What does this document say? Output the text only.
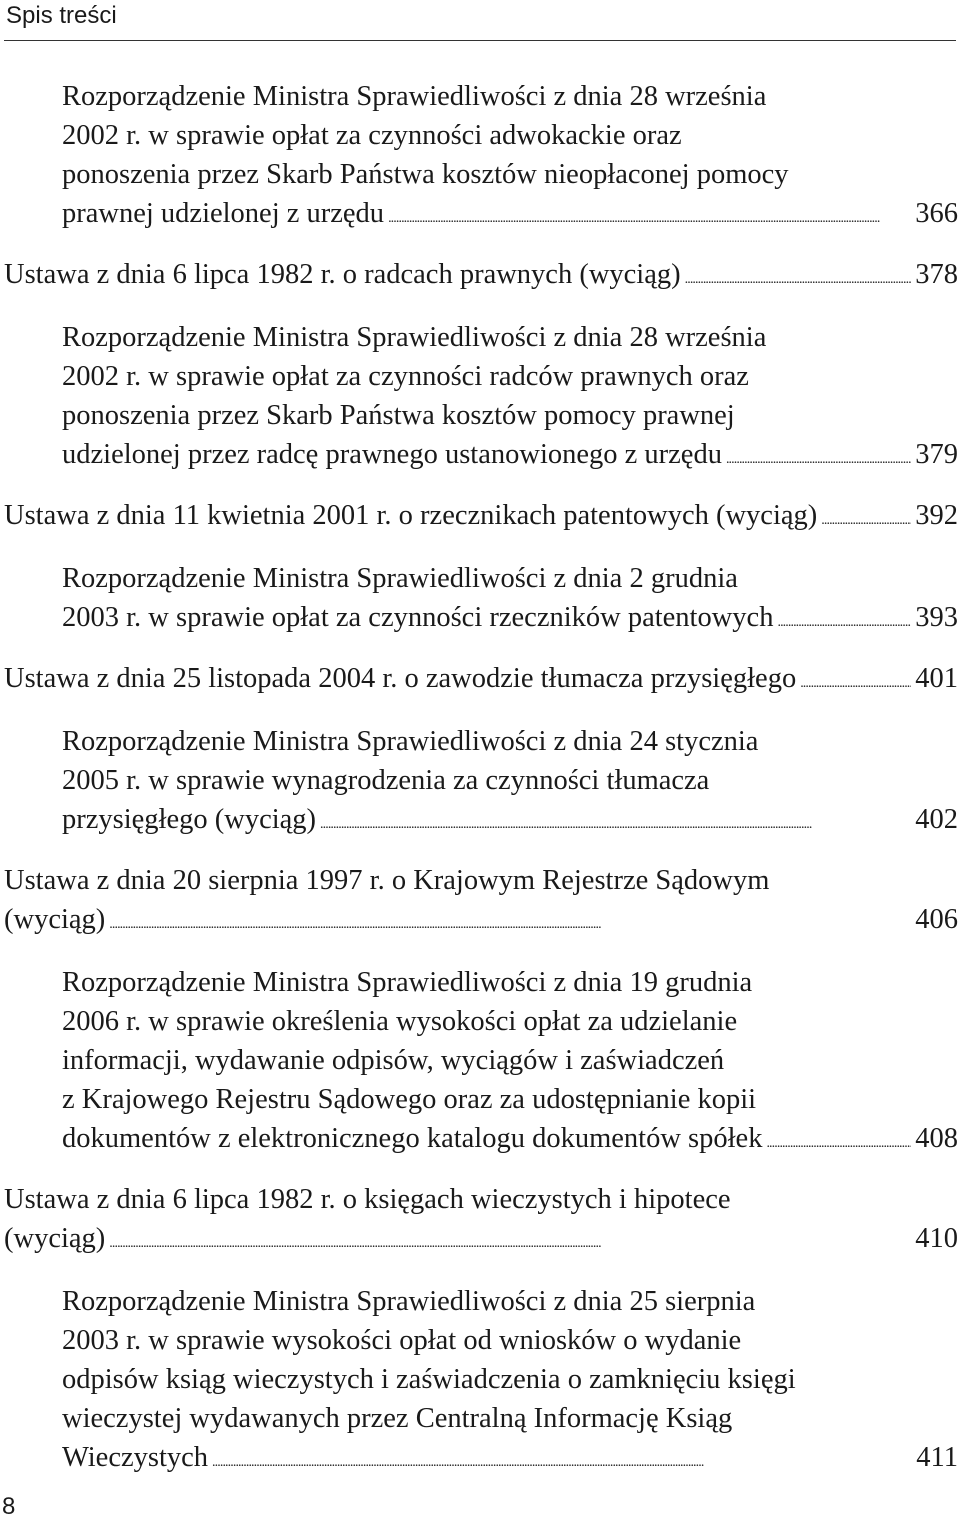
Spis treści
Rozporządzenie Ministra Sprawiedliwości z dnia 28 września
2002 r. w sprawie opłat za czynności adwokackie oraz
ponoszenia przez Skarb Państwa kosztów nieopłaconej pomocy
prawnej udzielonej z urzędu . . .	366
Ustawa z dnia 6 lipca 1982 r. o radcach prawnych (wyciąg) . . .	378
Rozporządzenie Ministra Sprawiedliwości z dnia 28 września
2002 r. w sprawie opłat za czynności radców prawnych oraz
ponoszenia przez Skarb Państwa kosztów pomocy prawnej
udzielonej przez radcę prawnego ustanowionego z urzędu . . .	379
Ustawa z dnia 11 kwietnia 2001 r. o rzecznikach patentowych (wyciąg) . . .	392
Rozporządzenie Ministra Sprawiedliwości z dnia 2 grudnia
2003 r. w sprawie opłat za czynności rzeczników patentowych . . .	393
Ustawa z dnia 25 listopada 2004 r. o zawodzie tłumacza przysięgłego . . .	401
Rozporządzenie Ministra Sprawiedliwości z dnia 24 stycznia
2005 r. w sprawie wynagrodzenia za czynności tłumacza
przysięgłego (wyciąg) . . .	402
Ustawa z dnia 20 sierpnia 1997 r. o Krajowym Rejestrze Sądowym
(wyciąg) . . .	406
Rozporządzenie Ministra Sprawiedliwości z dnia 19 grudnia
2006 r. w sprawie określenia wysokości opłat za udzielanie
informacji, wydawanie odpisów, wyciągów i zaświadczeń
z Krajowego Rejestru Sądowego oraz za udostępnianie kopii
dokumentów z elektronicznego katalogu dokumentów spółek . . .	408
Ustawa z dnia 6 lipca 1982 r. o księgach wieczystych i hipotece
(wyciąg) . . .	410
Rozporządzenie Ministra Sprawiedliwości z dnia 25 sierpnia
2003 r. w sprawie wysokości opłat od wniosków o wydanie
odpisów ksiąg wieczystych i zaświadczenia o zamknięciu księgi
wieczystej wydawanych przez Centralną Informację Ksiąg
Wieczystych . . .	411
8
